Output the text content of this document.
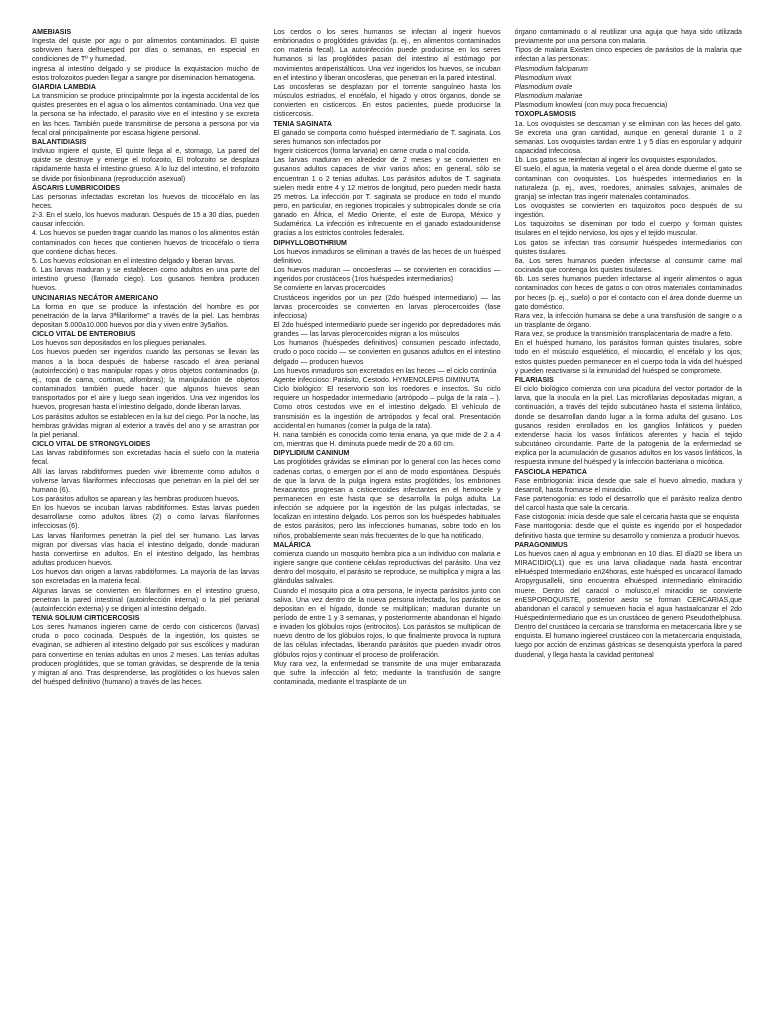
AMEBIASIS

Ingesta del quiste por agu o por alimentos contaminados. El quiste sobrviven fuera delhuesped por días o semanas, en especial en condiciones de Tº y humedad.

ingresa al intestino delgado y se produce la exquistacion mucho de estos trofozoitos pueden llegar a sangre por diseminacion hematogena.

GIARDIA LAMBDIA

La transmicion se produce principalmnte por la ingesta accidental de los quistes presentes en el agua o los alimentos contaminado. Una vez que la persona se ha infectado, el parasito vive en el intestino y se excreta en las hces. También puede transmitirse de persona a persona por via fecal oral principalmente por escasa higiene personal.

BALANTIDIASIS

Indviuo ingiere el quiste, El quiste llega al e, stomago, La pared del quiste se destruye y emerge el trofozoito, El trofozoito se desplaza rápidamente hasta el intestino grueso. A lo luz del intestino, el trofozoito se divide por fisionbinana (reproducción asexual)

ÁSCARIS LUMBRICOIDES

Las personas infectadas excretan los huevos de tricocéfalo en las heces.

2-3. En el suelo, los huevos maduran. Después de 15 a 30 días, pueden causar infección.

4. Los huevos se pueden tragar cuando las manos o los alimentos están contaminados con heces que contienen huevos de tricocéfalo o tierra que contiene dichas heces.

5. Los huevos eclosionan en el intestino delgado y liberan larvas.

6. Las larvas maduran y se establecen como adultos en una parte del intestino grueso (llamado ciego). Los gusanos hembra producen huevos.

UNCINARIAS NECÁTOR AMERICANO

La forma en que se produce la infestación del hombre es por penetración de la larva 3ªfilariforme” a través de la piel. Las hembras depositan 5.000a10.000 huevos por día y viven entre 3y5años.

CICLO VITAL DE ENTEROBIUS

Los huevos son depositados en los pliegues perianales.

Los huevos pueden ser ingeridos cuando las personas se llevan las manos a la boca después de haberse rascado el área perianal (autoinfección) o tras manipular ropas y otros objetos contaminados (p. ej., ropa de cama, cortinas, alfombras); la manipulación de objetos contaminados también puede hacer que algunos huevos sean transportados por el aire y luego sean ingeridos. Una vez ingeridos los huevos, progresan hasta el intestino delgado, donde liberan larvas.

Los parásitos adultos se establecen en la luz del ciego. Por la noche, las hembras grávidas migran al exterior a través del ano y se arrastran por la piel perianal.

CICLO VITAL DE STRONGYLOIDES

Las larvas rabditiformes son excretadas hacia el suelo con la materia fecal.

Allí las larvas rabditiformes pueden vivir libremente como adultos o volverse larvas filariformes infecciosas que penetran en la piel del ser humano (6).

Los parásitos adultos se aparean y las hembras producen huevos.

En los huevos se incuban larvas rabditiformes. Estas larvas pueden desarrollarse como adultos libres (2) o como larvas filariformes infecciosas (6).

Las larvas filariformes penetran la piel del ser humano. Las larvas migran por diversas vías hacia el intestino delgado, donde maduran hasta convertirse en adultos. En el intestino delgado, las hembras adultas producen huevos.

Los huevos dan origen a larvas rabditiformes. La mayoría de las larvas son excretadas en la materia fecal.

Algunas larvas se convierten en filariformes en el intestino grueso, penetran la pared intestinal (autoinfección interna) o la piel perianal (autoinfección externa) y se dirigen al intestino delgado.

TENIA SOLIUM CIRTICERCOSIS

Los seres humanos ingieren carne de cerdo con cisticercos (larvas) cruda o poco cocinada. Después de la ingestión, los quistes se evaginan, se adhieren al intestino delgado por sus escólices y maduran para convertirse en tenias adultas en unos 2 meses. Las tenias adultas producen proglótides, que se toman grávidas, se desprende de la tenia y migran al ano. Tras desprenderse, las proglótides o los huevos salen del huésped definitivo (humano) a través de las heces.

Los cerdos o los seres humanos se infectan al ingerir huevos embrionados o proglótides grávidas (p. ej., en alimentos contaminados con materia fecal). La autoinfección puede producirse en los seres humanos si las proglótides pasan del intestino al estómago por movimientos antiperistálticos. Una vez ingeridos los huevos, se incuban en el intestino y liberan oncosferas, que penetran en la pared intestinal.

Las oncosferas se desplazan por el torrente sanguíneo hasta los músculos estriados, el encéfalo, el hígado y otros órganos, donde se convierten en cisticercos. En estos pacientes, puede producirse la cisticercosis.

TENIA SAGINATA

El ganado se comporta como huésped intermediario de T. saginata. Los seres humanos son infectados por

Ingerir cisticercos (forma larvaria) en carne cruda o mal cocida.

Las larvas maduran en alrededor de 2 meses y se convierten en gusanos adultos capaces de vivir varios años; en general, sólo se encuentran 1 o 2 tenias adultas. Los parásitos adultos de T. saginata suelen medir entre 4 y 12 metros de longitud, pero pueden medir hasta 25 metros. La infección por T. saginata se produce en todo el mundo pero, en particular, en regiones tropicales y subtropicales donde se cría ganado en África, el Medio Oriente, el este de Europa, México y Sudamérica. La infección es infrecuente en el ganado estadounidense gracias a los estrictos controles federales.

DIPHYLLOBOTHRIUM

Los huevos inmaduros se eliminan a través de las heces de un huésped definitivo.

Los huevos maduran — oncoesferas — se convierten en coracidios — ingeridos por crustáceos (1ros huéspedes intermediarios)

Se convierte en larvas procercoides

Crustáceos ingeridos por un pez (2do huésped intermediario) — las larvas procercoides se convierten en larvas plerocercoides (fase infecciosa)

El 2do huésped intermediario puede ser ingerido por depredadores más grandes — las larvas plerocercoides migran a los músculos

Los humanos (huéspedes definitivos) consumen pescado infectado, crudo o poco cocido — se convierten en gusanos adultos en el intestino delgado — producen huevos

Los huevos inmaduros son excretados en las heces — el ciclo continúa

Agente infeccioso: Parásito, Cestodo. HYMENOLEPIS DIMINUTA

Ciclo biológico: El reservorio son los roedores e insectos. Su ciclo requiere un hospedador intermediario (artrópodo – pulga de la rata – ). Como otros cestodos vive en el intestino delgado. El vehículo de transmisión es la ingestión de artrópodos y fecal oral. Presentación accidental en humanos (comer la pulga de la rata).

H. nana también es conocida como tenia enana, ya que mide de 2 a 4 cm, mientras que H. diminuta puede medir de 20 a 60 cm.

DIPYLIDIUM CANINUM

Las proglótides grávidas se eliminan por lo general con las heces como cadenas cortas, o emergen por el ano de modo espontánea. Después de que la larva de la pulga ingiera estas proglótides, los embriones hexacantos progresan a cisticercoides infectantes en el hemocele y permanecen en este hasta que se desarrolla la pulga adulta. La infección se adquiere por la ingestión de las pulgas infectadas, se localizan en intestino delgado. Los perros son los huéspedes habituales de estos parásitos, pero las infecciones humanas, sobre todo en los niños, probablemente sean más frecuentes de lo que ha notificado.

MALÁRICA

comienza cuando un mosquito hembra pica a un individuo con malaria e ingiere sangre que contiene células reproductivas del parásito. Una vez dentro del mosquito, el parásito se reproduce, se multiplica y migra a las glándulas salivales.

Cuando el mosquito pica a otra persona, le inyecta parásitos junto con saliva. Una vez dentro de la nueva persona infectada, los parásitos se depositan en el hígado, donde se multiplican; maduran durante un período de entre 1 y 3 semanas, y posteriormente abandonan el hígado e invaden los glóbulos rojos (eritrocitos). Los parásitos se multiplican de nuevo dentro de los glóbulos rojos, lo que finalmente provoca la ruptura de las células infectadas, liberando parásitos que pueden invadir otros glóbulos rojos y continuar el proceso de proliferación.

Muy rara vez, la enfermedad se transmite de una mujer embarazada que sufre la infección al feto; mediante la transfusión de sangre contaminada, mediante el trasplante de un

órgano contaminado o al reutilizar una aguja que haya sido utilizada previamente por una persona con malaria.

Tipos de malaria Existen cinco especies de parásitos de la malaria que infectan a las personas:

Plasmodium falciparum

Plasmodium vivax

Plasmodium ovale

Plasmodium malariae

Plasmodium knowlesi (con muy poca frecuencia)

TOXOPLASMOSIS

1a. Los ovoquistes se descaman y se eliminan con las heces del gato. Se excreta una gran cantidad, aunque en general durante 1 o 2 semanas. Los ovoquistes tardan entre 1 y 5 días en esporular y adquirir capacidad infecciosa.

1b. Los gatos se reinfectan al ingerir los ovoquistes esporulados.

El suelo, el agua, la materia vegetal o el área donde duerme el gato se contaminan con ovoquistes. Los huéspedes intermediarios en la naturaleza (p. ej., aves, roedores, animales salvajes, animales de granja) se infectan tras ingerir materiales contaminados.

Los ovoquistes se convierten en taquizoitos poco después de su ingestión.

Los taquizoitos se diseminan por todo el cuerpo y forman quistes tisulares en el tejido nervioso, los ojos y el tejido muscular.

Los gatos se infectan tras consumir huéspedes intermediarios con quistes tisulares.

6a. Los seres humanos pueden infectarse al consumir carne mal cocinada que contenga los quistes tisulares.

6b. Los seres humanos pueden infectarse al ingerir alimentos o agua contaminados con heces de gatos o con otros materiales contaminados por heces (p. ej., suelo) o por el contacto con el área donde duerme un gato doméstico.

Rara vez, la infección humana se debe a una transfusión de sangre o a un trasplante de órgano.

Rara vez, se produce la transmisión transplacentaria de madre a feto.

En el huésped humano, los parásitos forman quistes tisulares, sobre todo en el músculo esquelético, el miocardio, el encéfalo y los ojos; estos quistes pueden permanecer en el cuerpo toda la vida del huésped y pueden reactivarse si la inmunidad del huésped se compromete.

FILARIASIS

El ciclo biológico comienza con una picadura del vector portador de la larva, que la inocula en la piel. Las microfilarias depositadas migran, a continuación, a través del tejido subcutáneo hasta el sistema linfático, donde se desarrollan dando lugar a la forma adulta del gusano. Los gusanos residen enrollados en los ganglios linfáticos y pueden extenderse hacia los vasos linfáticos aferentes y hacia el tejido subcutáneo circundante. Parte de la patogenia de la enfermedad se explica por la acumulación de gusanos adultos en los vasos linfáticos, la respuesta inmune del huésped y la infección bacteriana o micótica.

FASCIOLA HEPATICA

Fase embriogonia: inicia desde que sale el huevo almedio, madura y desarroll, hasta fromarse el miracidio.

Fase partenogonia: es todo el desarrollo que el parásito realiza dentro del carcol hasta que sale la cercaria.

Fase cistogonia: inicia desde que sale el cercaria hasta que se enquista

Fase maritogonia: desde que el quiste es ingerido por el hospedador definitivo hasta que termine su desarrollo y comienza a producir huevos.

PARAGONIMUS

Los huevos caen al agua y embrionan en 10 días. El día20 se libera un MIRACIDIO(L1) que es una larva ciliadaque nada hasta encontrar elHuésped Intermediario en24horas, este huésped es uncaracol llamado Aropyrgusallelii, sino encuentra elhuésped intermediario elmiracidio muere. Dentro del caracol o molusco,el miracidio se convierte enESPOROQUISTE, posterior aesto se forman CERCARIAS,que abandonan el caracol y semueven hacia el agua hastaalcanzar el 2do Huéspedintermediario que es un crustáceo de genero Pseudothelphusa. Dentro del crustáceo la cercaria se transforma en metacercaria libre y se enquista. El humano ingiereel crustáceo con la metacercaria enquistada, luego por acción de enzimas gástricas se desenquista yperfora la pared duodenal, y llega hasta la cavidad peritoneal
